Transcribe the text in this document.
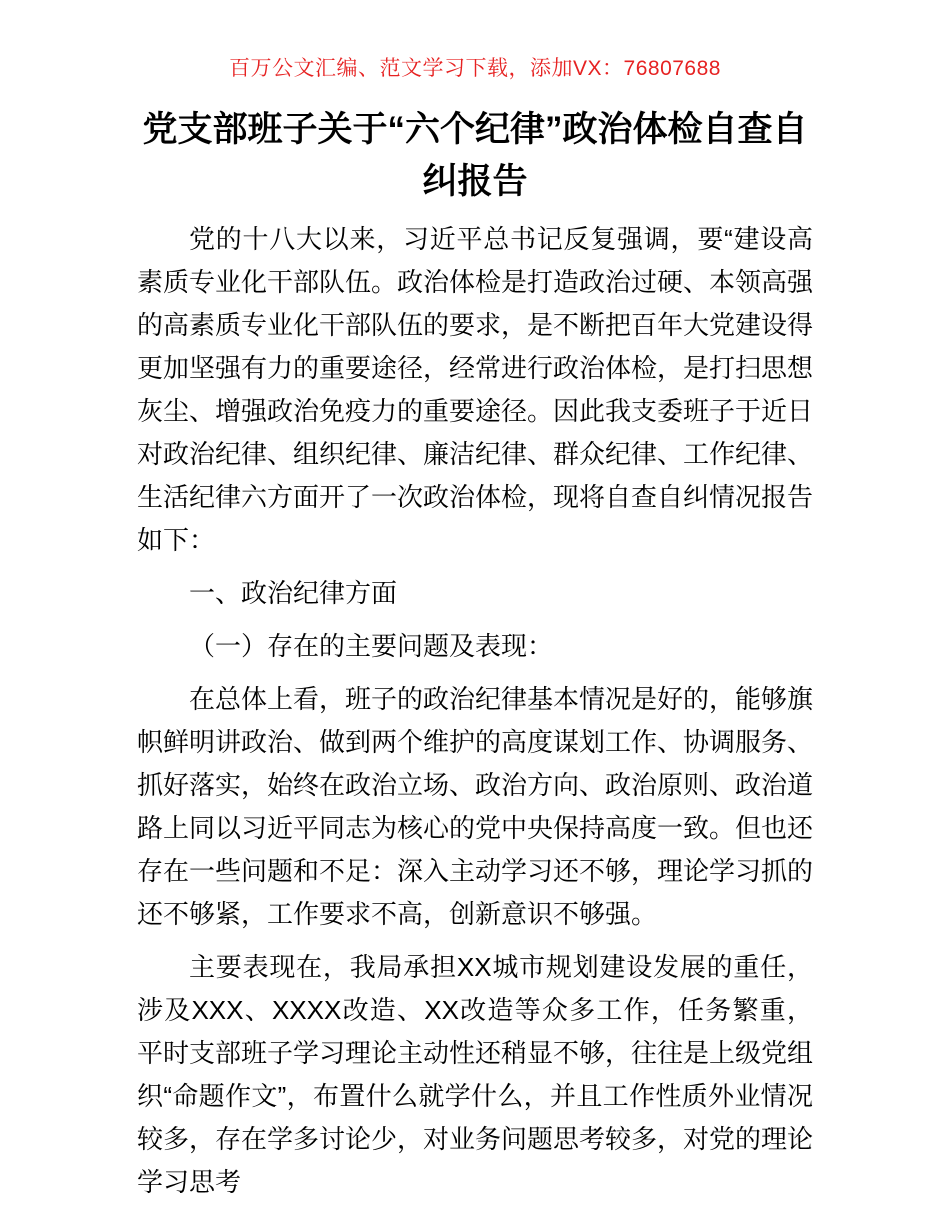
百万公文汇编、范文学习下载，添加VX：76807688
党支部班子关于“六个纪律”政治体检自查自纠报告

党的十八大以来，习近平总书记反复强调，要“建设高素质专业化干部队伍。政治体检是打造政治过硬、本领高强的高素质专业化干部队伍的要求，是不断把百年大党建设得更加坚强有力的重要途径，经常进行政治体检，是打扫思想灰尘、增强政治免疫力的重要途径。因此我支委班子于近日对政治纪律、组织纪律、廉洁纪律、群众纪律、工作纪律、生活纪律六方面开了一次政治体检，现将自查自纠情况报告如下：

一、政治纪律方面

（一）存在的主要问题及表现：

在总体上看，班子的政治纪律基本情况是好的，能够旗帜鲜明讲政治、做到两个维护的高度谋划工作、协调服务、抓好落实，始终在政治立场、政治方向、政治原则、政治道路上同以习近平同志为核心的党中央保持高度一致。但也还存在一些问题和不足：深入主动学习还不够，理论学习抓的还不够紧，工作要求不高，创新意识不够强。

主要表现在，我局承担XX城市规划建设发展的重任，涉及XXX、XXXX改造、XX改造等众多工作，任务繁重，平时支部班子学习理论主动性还稍显不够，往往是上级党组织“命题作文”，布置什么就学什么，并且工作性质外业情况较多，存在学多讨论少，对业务问题思考较多，对党的理论学习思考
